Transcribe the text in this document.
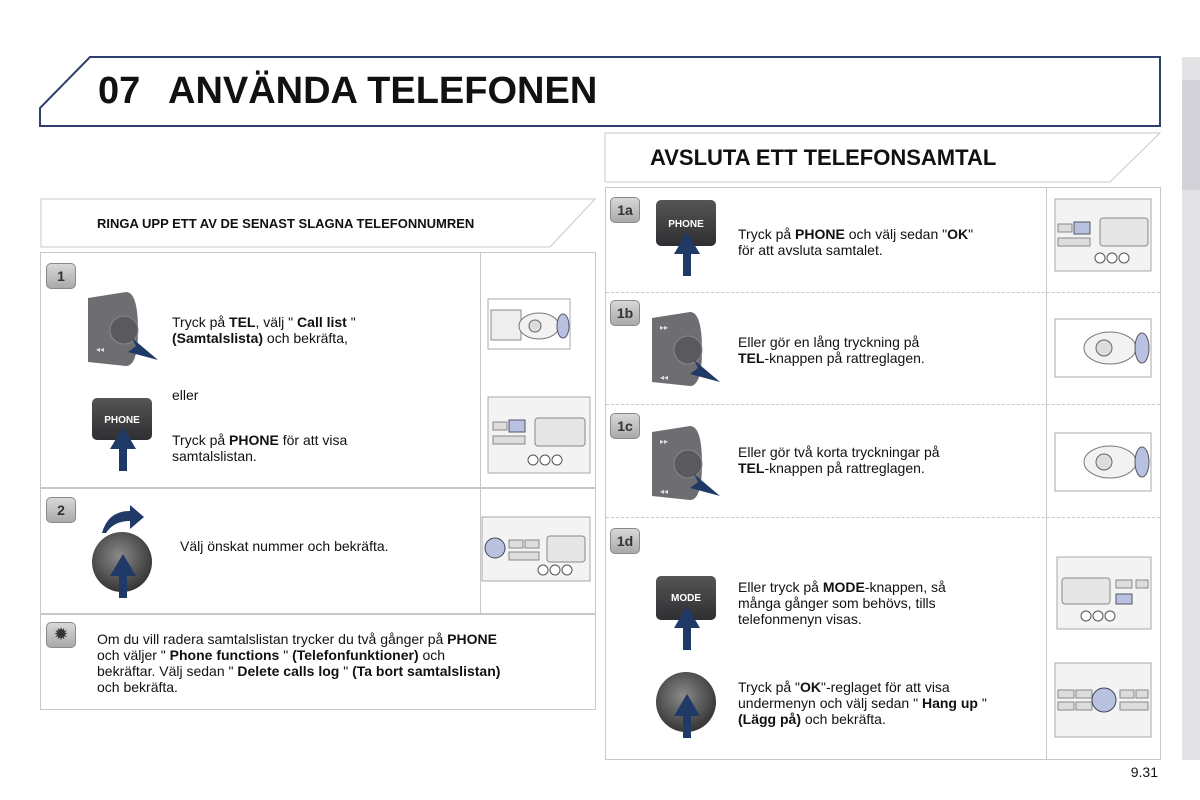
07 ANVÄNDA TELEFONEN
RINGA UPP ETT AV DE SENAST SLAGNA TELEFONNUMREN
1
◂◂
Tryck på TEL, välj " Call list "
(Samtalslista) och bekräfta,
eller
PHONE
Tryck på PHONE för att visa
samtalslistan.
2
Välj önskat nummer och bekräfta.
✹	Om du vill radera samtalslistan trycker du två gånger på PHONE
och väljer " Phone functions " (Telefonfunktioner) och
bekräftar. Välj sedan " Delete calls log " (Ta bort samtalslistan)
och bekräfta.
AVSLUTA ETT TELEFONSAMTAL
1a
PHONE
Tryck på PHONE och välj sedan "OK"
för att avsluta samtalet.
1b
▸▸
◂◂
Eller gör en lång tryckning på
TEL-knappen på rattreglagen.
1c
▸▸
◂◂
Eller gör två korta tryckningar på
TEL-knappen på rattreglagen.
1d
MODE
Eller tryck på MODE-knappen, så
många gånger som behövs, tills
telefonmenyn visas.
Tryck på "OK"-reglaget för att visa
undermenyn och välj sedan " Hang up "
(Lägg på) och bekräfta.
9.31
